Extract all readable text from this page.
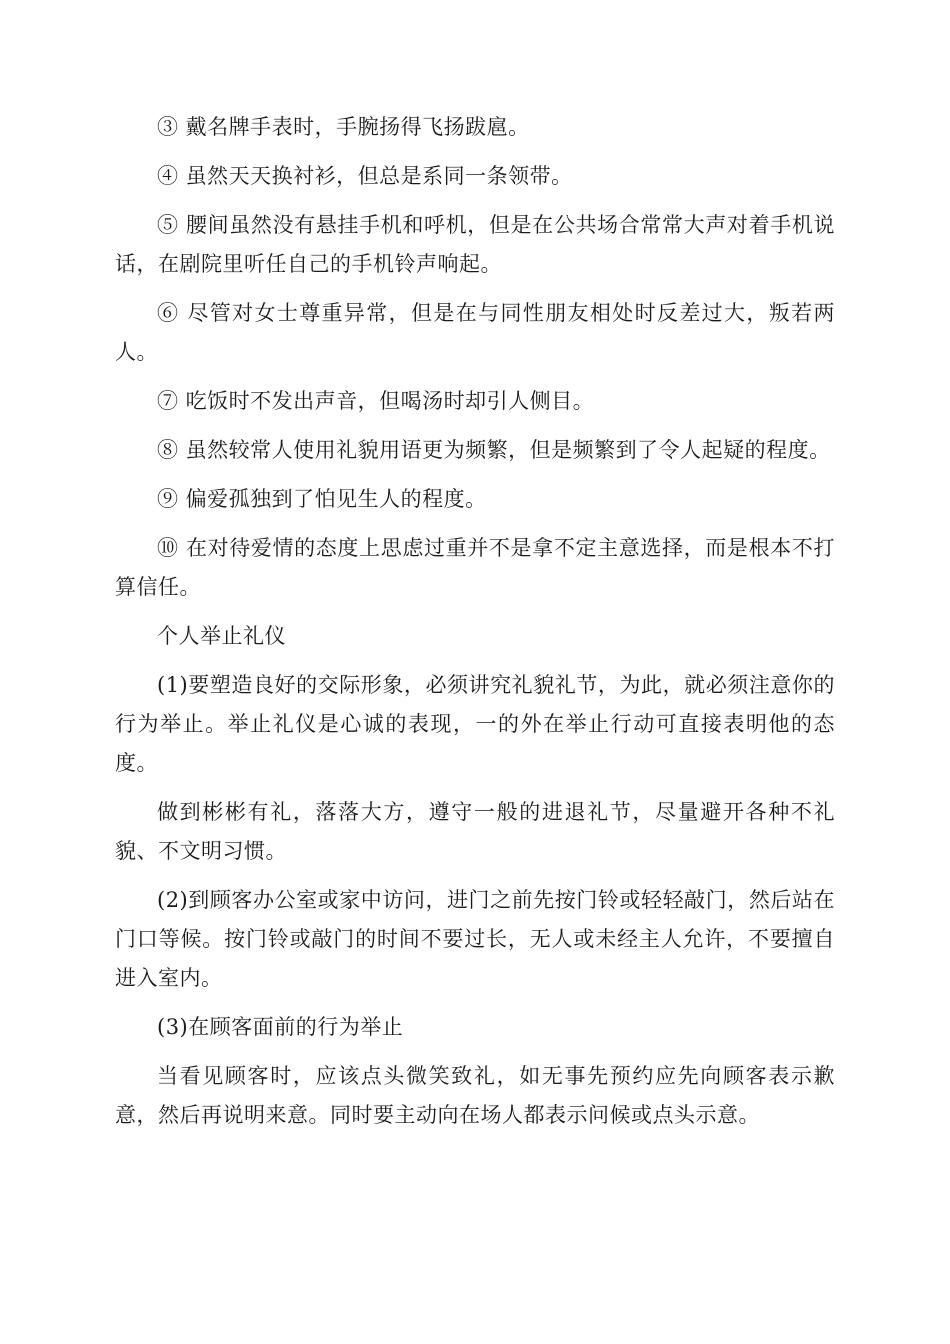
③ 戴名牌手表时，手腕扬得飞扬跋扈。

④ 虽然天天换衬衫，但总是系同一条领带。

⑤ 腰间虽然没有悬挂手机和呼机，但是在公共场合常常大声对着手机说话，在剧院里听任自己的手机铃声响起。

⑥ 尽管对女士尊重异常，但是在与同性朋友相处时反差过大，叛若两人。

⑦ 吃饭时不发出声音，但喝汤时却引人侧目。

⑧ 虽然较常人使用礼貌用语更为频繁，但是频繁到了令人起疑的程度。

⑨ 偏爱孤独到了怕见生人的程度。

⑩ 在对待爱情的态度上思虑过重并不是拿不定主意选择，而是根本不打算信任。

个人举止礼仪

(1)要塑造良好的交际形象，必须讲究礼貌礼节，为此，就必须注意你的行为举止。举止礼仪是心诚的表现，一的外在举止行动可直接表明他的态度。

做到彬彬有礼，落落大方，遵守一般的进退礼节，尽量避开各种不礼貌、不文明习惯。

(2)到顾客办公室或家中访问，进门之前先按门铃或轻轻敲门，然后站在门口等候。按门铃或敲门的时间不要过长，无人或未经主人允许，不要擅自进入室内。

(3)在顾客面前的行为举止

当看见顾客时，应该点头微笑致礼，如无事先预约应先向顾客表示歉意，然后再说明来意。同时要主动向在场人都表示问候或点头示意。
